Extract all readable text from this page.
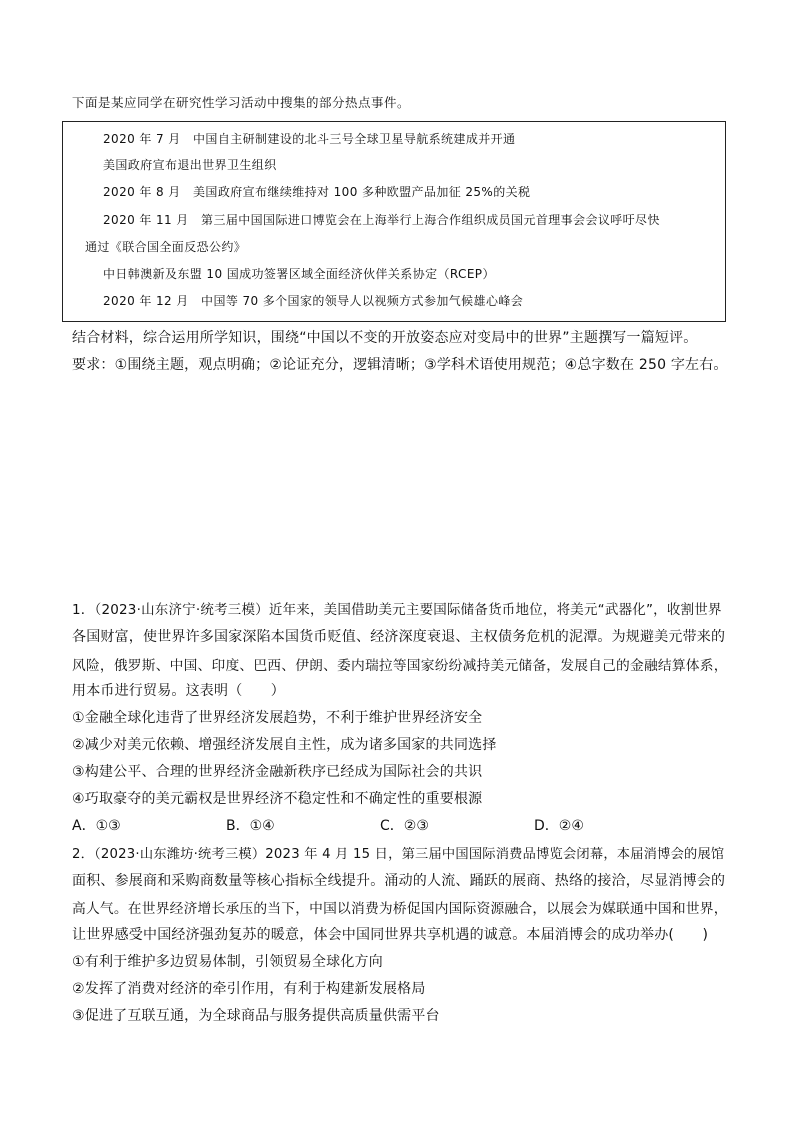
下面是某应同学在研究性学习活动中搜集的部分热点事件。
2020 年 7 月　中国自主研制建设的北斗三号全球卫星导航系统建成并开通
美国政府宣布退出世界卫生组织
2020 年 8 月　美国政府宣布继续维持对 100 多种欧盟产品加征 25%的关税
2020 年 11 月　第三届中国国际进口博览会在上海举行上海合作组织成员国元首理事会会议呼吁尽快
通过《联合国全面反恐公约》
中日韩澳新及东盟 10 国成功签署区域全面经济伙伴关系协定（RCEP）
2020 年 12 月　中国等 70 多个国家的领导人以视频方式参加气候雄心峰会
结合材料，综合运用所学知识，围绕“中国以不变的开放姿态应对变局中的世界”主题撰写一篇短评。
要求：①围绕主题，观点明确；②论证充分，逻辑清晰；③学科术语使用规范；④总字数在 250 字左右。
1．（2023·山东济宁·统考三模）近年来，美国借助美元主要国际储备货币地位，将美元“武器化”，收割世界
各国财富，使世界许多国家深陷本国货币贬值、经济深度衰退、主权债务危机的泥潭。为规避美元带来的
风险，俄罗斯、中国、印度、巴西、伊朗、委内瑞拉等国家纷纷减持美元储备，发展自己的金融结算体系，
用本币进行贸易。这表明（　　）
①金融全球化违背了世界经济发展趋势，不利于维护世界经济安全
②减少对美元依赖、增强经济发展自主性，成为诸多国家的共同选择
③构建公平、合理的世界经济金融新秩序已经成为国际社会的共识
④巧取豪夺的美元霸权是世界经济不稳定性和不确定性的重要根源
A．①③	B．①④	C．②③	D．②④
2．（2023·山东潍坊·统考三模）2023 年 4 月 15 日，第三届中国国际消费品博览会闭幕，本届消博会的展馆
面积、参展商和采购商数量等核心指标全线提升。涌动的人流、踊跃的展商、热络的接洽，尽显消博会的
高人气。在世界经济增长承压的当下，中国以消费为桥促国内国际资源融合，以展会为媒联通中国和世界，
让世界感受中国经济强劲复苏的暖意，体会中国同世界共享机遇的诚意。本届消博会的成功举办(　　)
①有利于维护多边贸易体制，引领贸易全球化方向
②发挥了消费对经济的牵引作用，有利于构建新发展格局
③促进了互联互通，为全球商品与服务提供高质量供需平台
